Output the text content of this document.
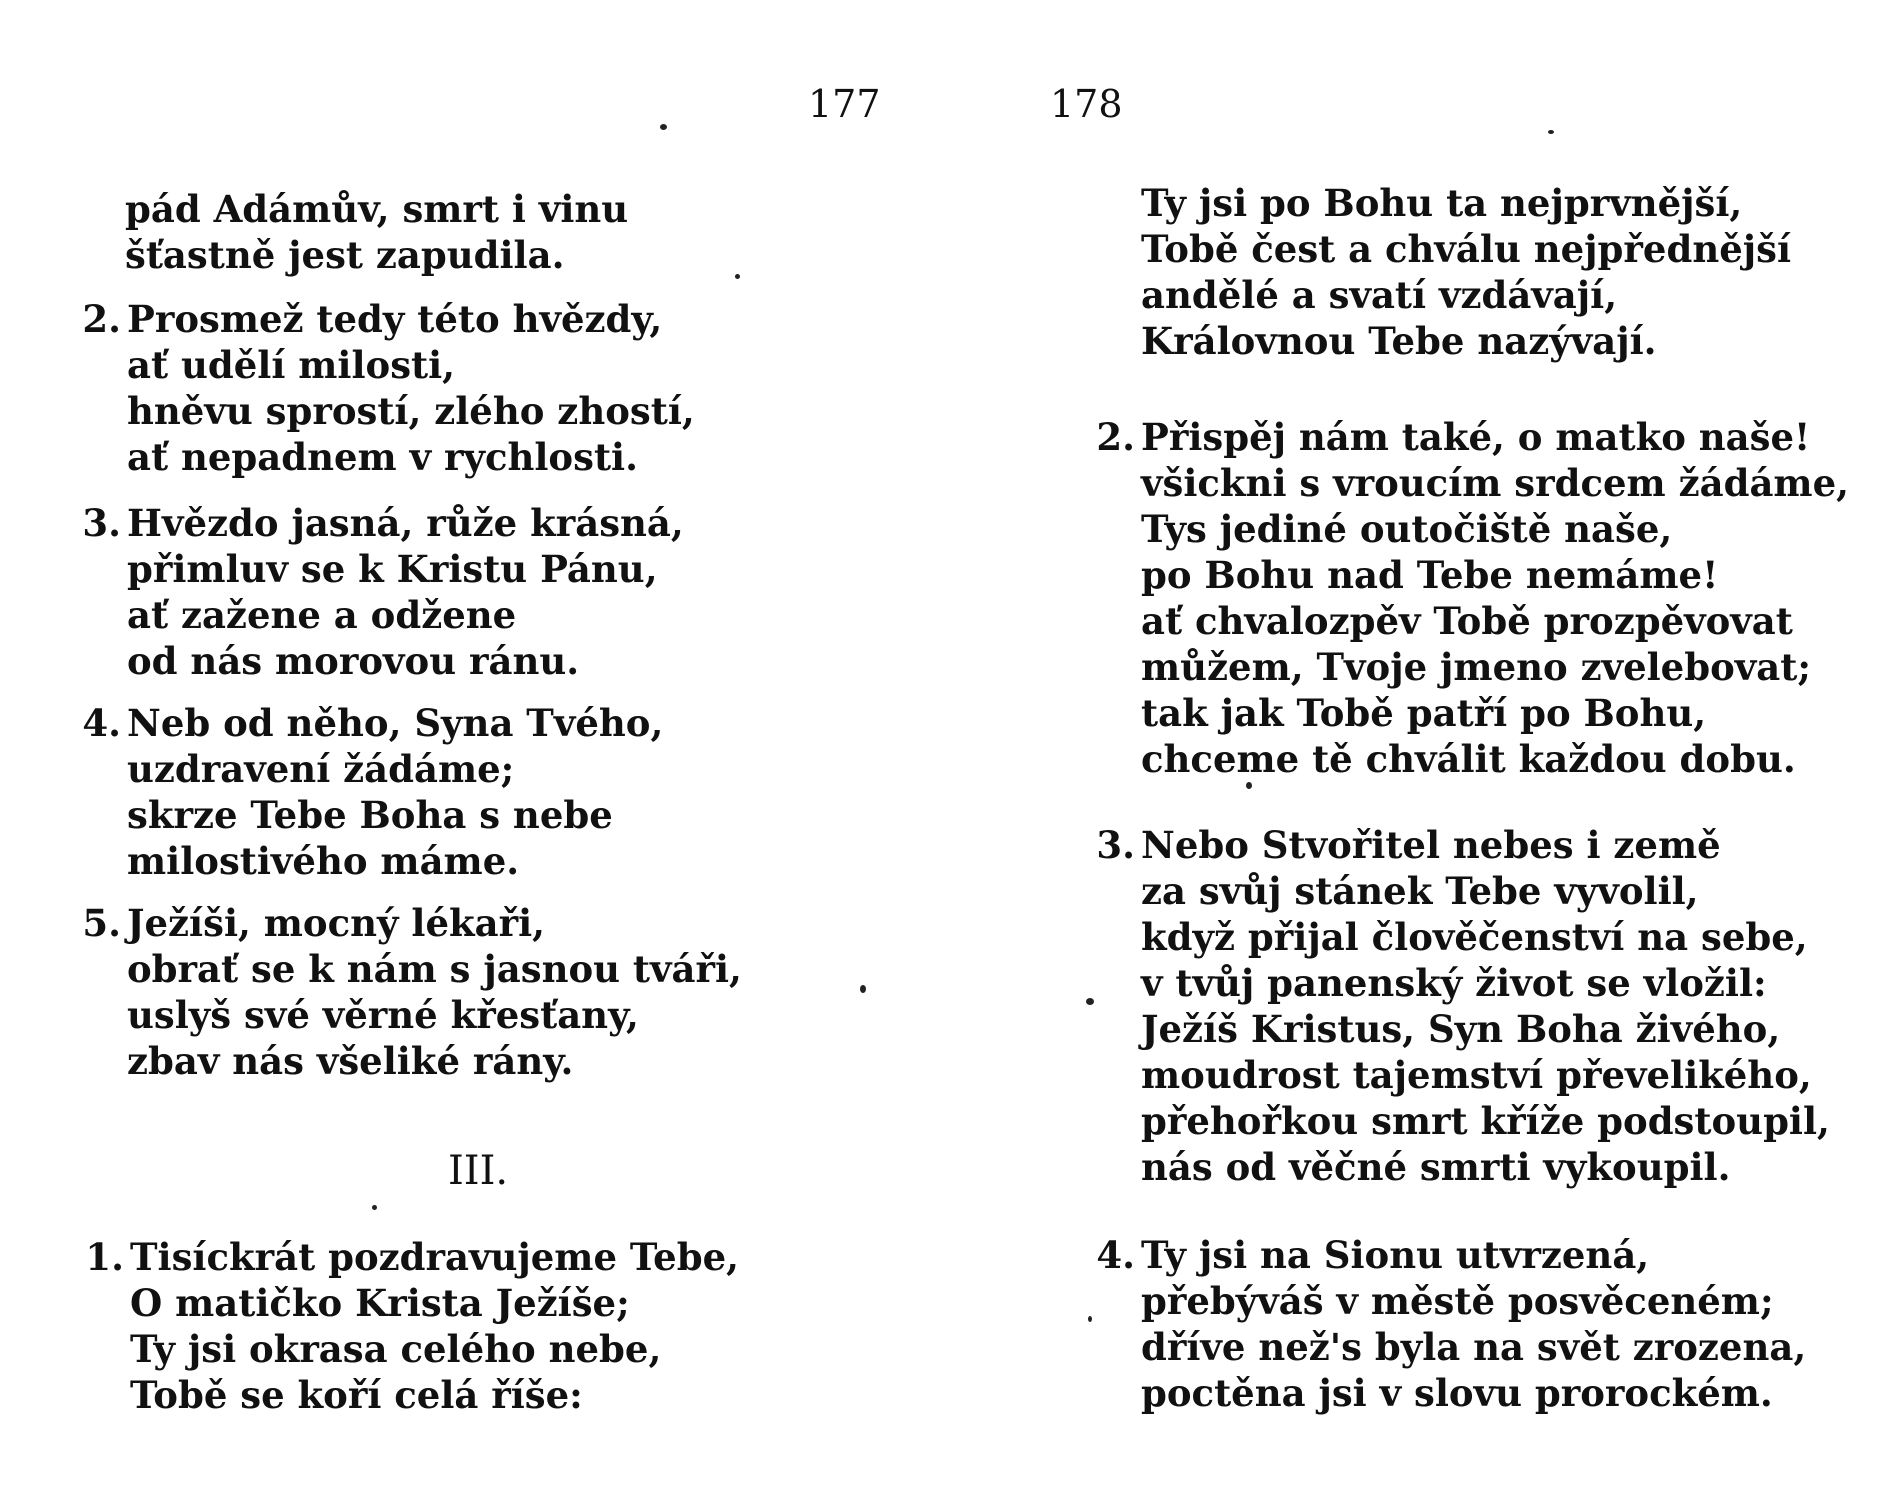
177
pád Adámův, smrt i vinu
šťastně jest zapudila.
2. Prosmež tedy této hvězdy,
ať udělí milosti,
hněvu sprostí, zlého zhostí,
ať nepadnem v rychlosti.
3. Hvězdo jasná, růže krásná,
přimluv se k Kristu Pánu,
ať zažene a odžene
od nás morovou ránu.
4. Neb od něho, Syna Tvého,
uzdravení žádáme;
skrze Tebe Boha s nebe
milostivého máme.
5. Ježíši, mocný lékaři,
obrať se k nám s jasnou tváři,
uslyš své věrné křesťany,
zbav nás všeliké rány.
III.
1. Tisíckrát pozdravujeme Tebe,
O matičko Krista Ježíše;
Ty jsi okrasa celého nebe,
Tobě se koří celá říše:
178
Ty jsi po Bohu ta nejprvnější,
Tobě čest a chválu nejpřednější
andělé a svatí vzdávají,
Královnou Tebe nazývají.
2. Přispěj nám také, o matko naše!
všickni s vroucím srdcem žádáme,
Tys jediné outočiště naše,
po Bohu nad Tebe nemáme!
ať chvalozpěv Tobě prozpěvovat
můžem, Tvoje jmeno zvelebovat;
tak jak Tobě patří po Bohu,
chceme tě chválit každou dobu.
3. Nebo Stvořitel nebes i země
za svůj stánek Tebe vyvolil,
když přijal člověčenství na sebe,
v tvůj panenský život se vložil:
Ježíš Kristus, Syn Boha živého,
moudrost tajemství převelikého,
přehořkou smrt kříže podstoupil,
nás od věčné smrti vykoupil.
4. Ty jsi na Sionu utvrzená,
přebýváš v městě posvěceném;
dříve než's byla na svět zrozena,
poctěna jsi v slovu prorockém.
